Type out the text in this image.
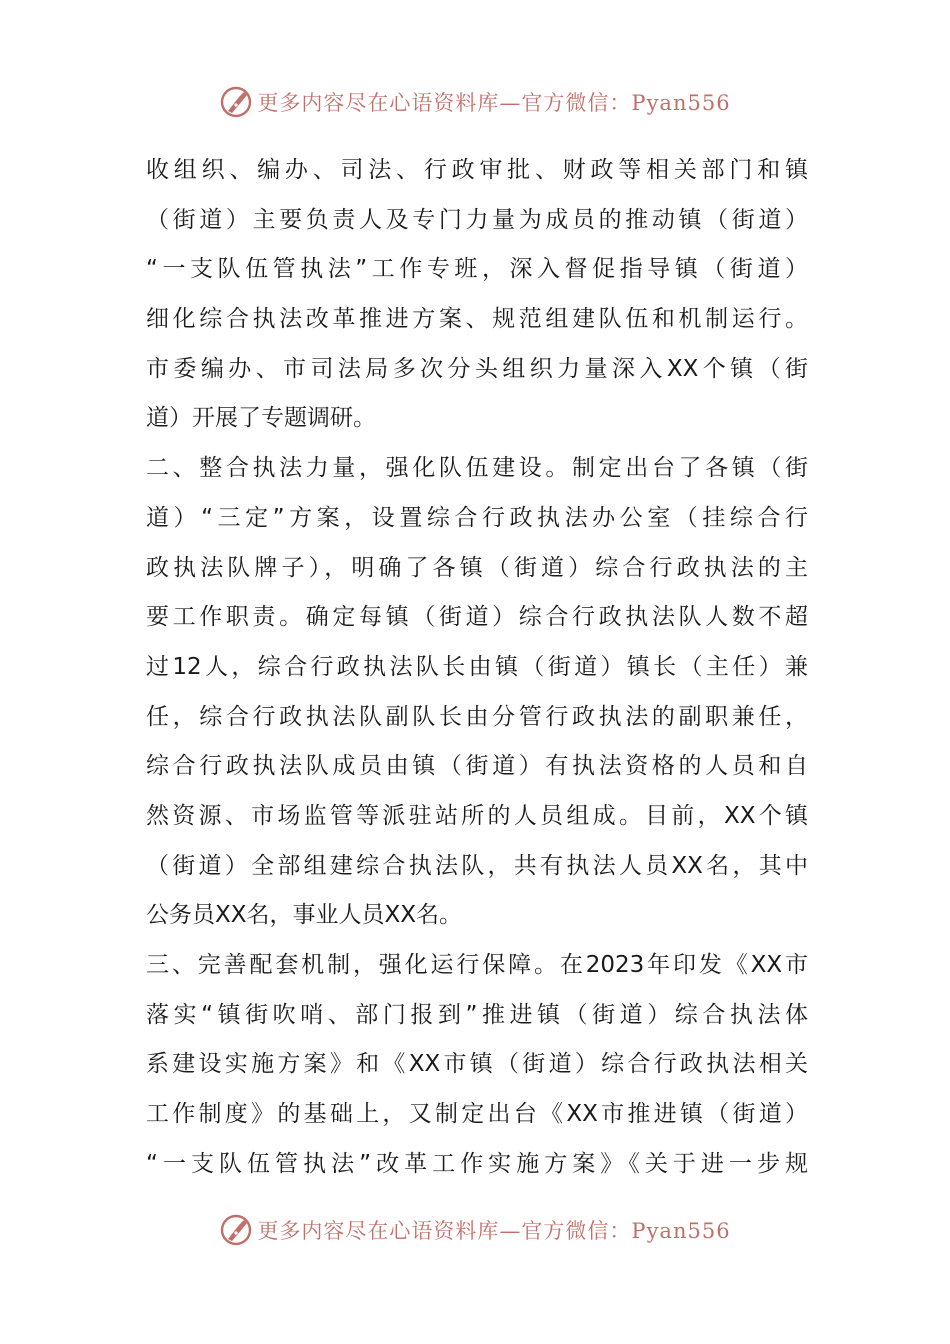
更多内容尽在心语资料库—官方微信：Pyan556
收组织、编办、司法、行政审批、财政等相关部门和镇
（街道）主要负责人及专门力量为成员的推动镇（街道）
“一支队伍管执法”工作专班，深入督促指导镇（街道）
细化综合执法改革推进方案、规范组建队伍和机制运行。
市委编办、市司法局多次分头组织力量深入XX个镇（街
道）开展了专题调研。
二、整合执法力量，强化队伍建设。制定出台了各镇（街
道）“三定”方案，设置综合行政执法办公室（挂综合行
政执法队牌子），明确了各镇（街道）综合行政执法的主
要工作职责。确定每镇（街道）综合行政执法队人数不超
过12人，综合行政执法队长由镇（街道）镇长（主任）兼
任，综合行政执法队副队长由分管行政执法的副职兼任，
综合行政执法队成员由镇（街道）有执法资格的人员和自
然资源、市场监管等派驻站所的人员组成。目前，XX个镇
（街道）全部组建综合执法队，共有执法人员XX名，其中
公务员XX名，事业人员XX名。
三、完善配套机制，强化运行保障。在2023年印发《XX市
落实“镇街吹哨、部门报到”推进镇（街道）综合执法体
系建设实施方案》和《XX市镇（街道）综合行政执法相关
工作制度》的基础上，又制定出台《XX市推进镇（街道）
“一支队伍管执法”改革工作实施方案》《关于进一步规
更多内容尽在心语资料库—官方微信：Pyan556
